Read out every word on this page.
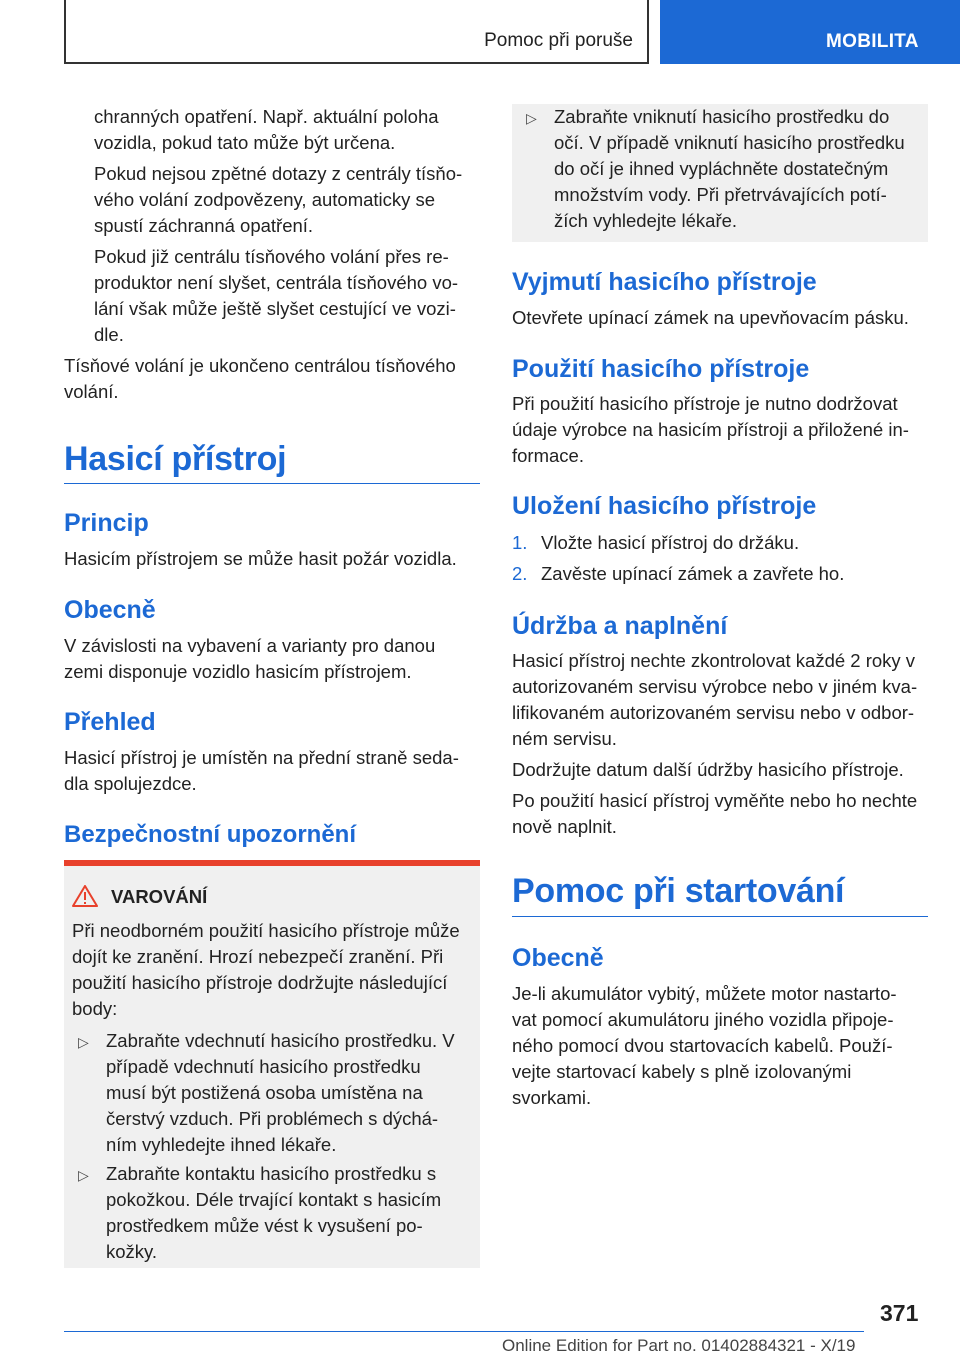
Pomoc při poruše	MOBILITA
chranných opatření. Např. aktuální poloha
vozidla, pokud tato může být určena.
Pokud nejsou zpětné dotazy z centrály tísňo-
vého volání zodpovězeny, automaticky se
spustí záchranná opatření.
Pokud již centrálu tísňového volání přes re-
produktor není slyšet, centrála tísňového vo-
lání však může ještě slyšet cestující ve vozi-
dle.
Tísňové volání je ukončeno centrálou tísňového
volání.
Hasicí přístroj
Princip
Hasicím přístrojem se může hasit požár vozidla.
Obecně
V závislosti na vybavení a varianty pro danou
zemi disponuje vozidlo hasicím přístrojem.
Přehled
Hasicí přístroj je umístěn na přední straně seda-
dla spolujezdce.
Bezpečnostní upozornění
VAROVÁNÍ
Při neodborném použití hasicího přístroje může
dojít ke zranění. Hrozí nebezpečí zranění. Při
použití hasicího přístroje dodržujte následující
body:
▷ Zabraňte vdechnutí hasicího prostředku. V
případě vdechnutí hasicího prostředku
musí být postižená osoba umístěna na
čerstvý vzduch. Při problémech s dýchá-
ním vyhledejte ihned lékaře.
▷ Zabraňte kontaktu hasicího prostředku s
pokožkou. Déle trvající kontakt s hasicím
prostředkem může vést k vysušení po-
kožky.
▷ Zabraňte vniknutí hasicího prostředku do
očí. V případě vniknutí hasicího prostředku
do očí je ihned vypláchněte dostatečným
množstvím vody. Při přetrvávajících potí-
žích vyhledejte lékaře.
Vyjmutí hasicího přístroje
Otevřete upínací zámek na upevňovacím pásku.
Použití hasicího přístroje
Při použití hasicího přístroje je nutno dodržovat
údaje výrobce na hasicím přístroji a přiložené in-
formace.
Uložení hasicího přístroje
1. Vložte hasicí přístroj do držáku.
2. Zavěste upínací zámek a zavřete ho.
Údržba a naplnění
Hasicí přístroj nechte zkontrolovat každé 2 roky v
autorizovaném servisu výrobce nebo v jiném kva-
lifikovaném autorizovaném servisu nebo v odbor-
ném servisu.
Dodržujte datum další údržby hasicího přístroje.
Po použití hasicí přístroj vyměňte nebo ho nechte
nově naplnit.
Pomoc při startování
Obecně
Je-li akumulátor vybitý, můžete motor nastarto-
vat pomocí akumulátoru jiného vozidla připoje-
ného pomocí dvou startovacích kabelů. Použí-
vejte startovací kabely s plně izolovanými
svorkami.
371
Online Edition for Part no. 01402884321 - X/19
